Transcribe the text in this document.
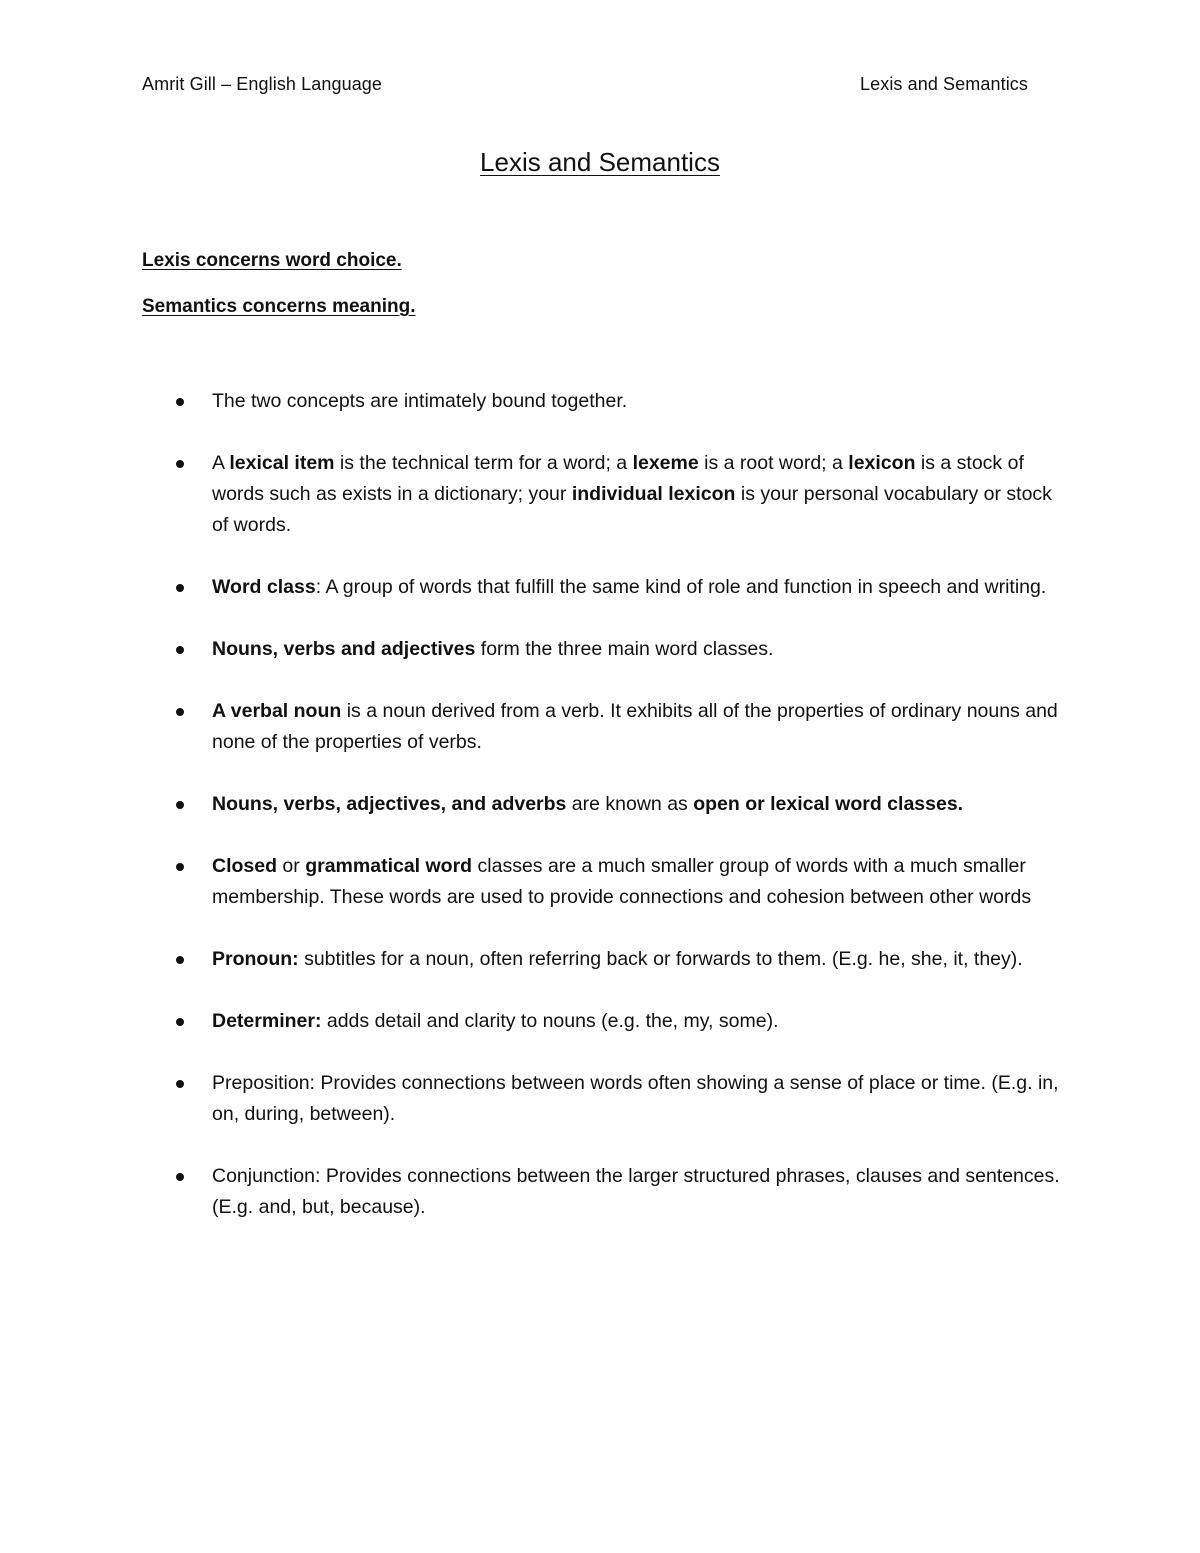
Amrit Gill – English Language	Lexis and Semantics
Lexis and Semantics
Lexis concerns word choice.
Semantics concerns meaning.
The two concepts are intimately bound together.
A lexical item is the technical term for a word; a lexeme is a root word; a lexicon is a stock of words such as exists in a dictionary; your individual lexicon is your personal vocabulary or stock of words.
Word class: A group of words that fulfill the same kind of role and function in speech and writing.
Nouns, verbs and adjectives form the three main word classes.
A verbal noun is a noun derived from a verb. It exhibits all of the properties of ordinary nouns and none of the properties of verbs.
Nouns, verbs, adjectives, and adverbs are known as open or lexical word classes.
Closed or grammatical word classes are a much smaller group of words with a much smaller membership. These words are used to provide connections and cohesion between other words
Pronoun: subtitles for a noun, often referring back or forwards to them. (E.g. he, she, it, they).
Determiner: adds detail and clarity to nouns (e.g. the, my, some).
Preposition: Provides connections between words often showing a sense of place or time. (E.g. in, on, during, between).
Conjunction: Provides connections between the larger structured phrases, clauses and sentences. (E.g. and, but, because).
